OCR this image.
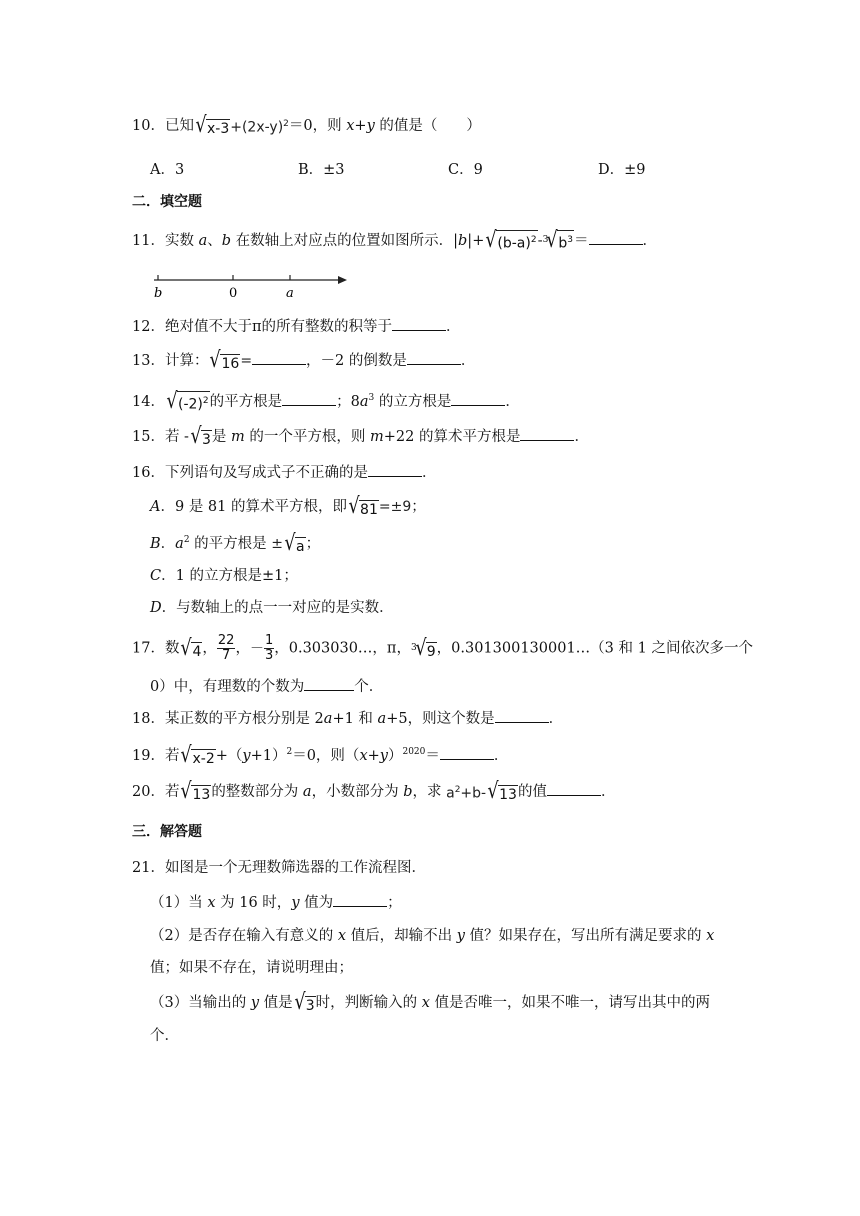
10．已知 √ $x-3 +(2x-y)^2=0$，则 x+y 的值是（　　）
A．3	B．±3	C．9	D．±9
二．填空题
11．实数 a、b 在数轴上对应点的位置如图所示．|b|+ √ $(b-a)^2 - 3$
√ $b^3$ ＝	．
b	0	a
12．绝对值不大于π的所有整数的积等于	．
13．计算： √ 16 =	，－2 的倒数是	．
14． √ $(-2)^2$ 的平方根是	；$8a^3$ 的立方根是	．
15．若 - √ 3 是 m 的一个平方根，则 m+22 的算术平方根是	．
16．下列语句及写成式子不正确的是	．
A．9 是 81 的算术平方根，即 √ 81 =±9；
B．$a^2$ 的平方根是 ± √ a ；
C．1 的立方根是±1；
D．与数轴上的点一一对应的是实数．
17．数 √ 4 ， $\frac{22}{7}$ ，－ $\frac{1}{3}$ ，0.303030…，π， 3
√ 9 ，0.301300130001…（3 和 1 之间依次多一个
0）中，有理数的个数为	个．
18．某正数的平方根分别是 2a+1 和 a+5，则这个数是	．
19．若 √ $x-2 +(y+1)^2=0$，则$(x+y)^{2020}=$	．
20．若 √ 13 的整数部分为 a，小数部分为 b，求 $a^2+b-$ √ 13 的值	．
三．解答题
21．如图是一个无理数筛选器的工作流程图．
（1）当 x 为 16 时，y 值为	；
（2）是否存在输入有意义的 x 值后，却输不出 y 值？如果存在，写出所有满足要求的 x
值；如果不存在，请说明理由；
（3）当输出的 y 值是 √ 3 时，判断输入的 x 值是否唯一，如果不唯一，请写出其中的两
个．
